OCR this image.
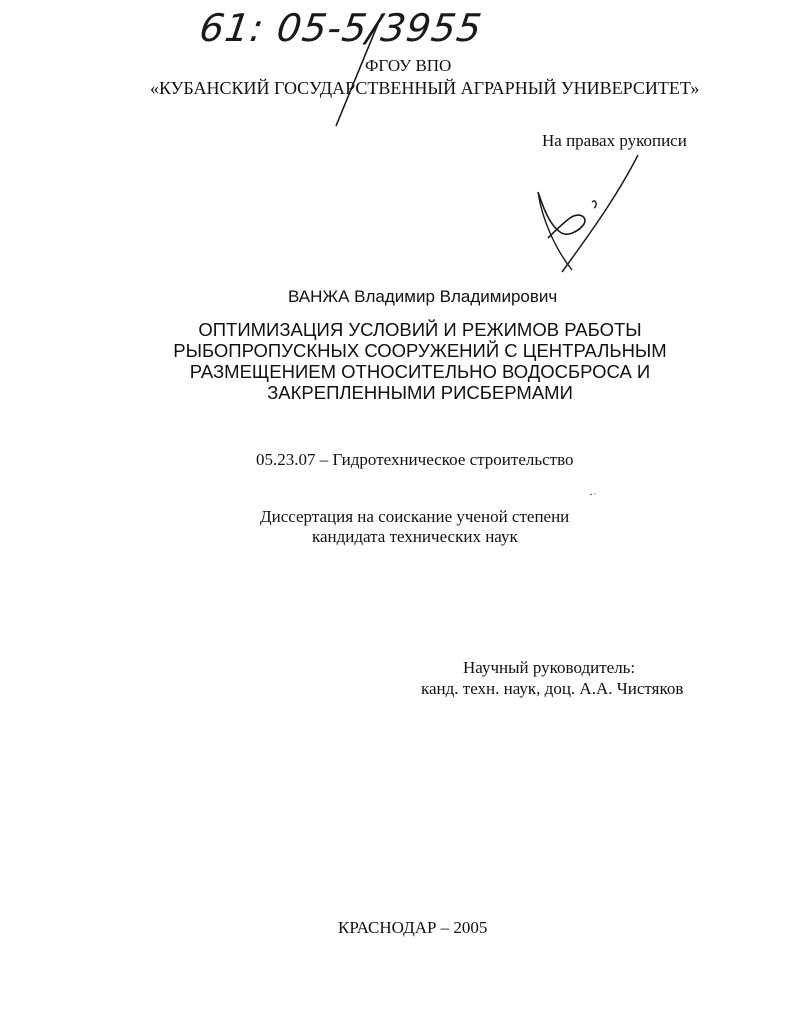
61: 05-5/3955
ФГОУ ВПО
«КУБАНСКИЙ ГОСУДАРСТВЕННЫЙ АГРАРНЫЙ УНИВЕРСИТЕТ»
На правах рукописи
ВАНЖА Владимир Владимирович
ОПТИМИЗАЦИЯ УСЛОВИЙ И РЕЖИМОВ РАБОТЫ
РЫБОПРОПУСКНЫХ СООРУЖЕНИЙ С ЦЕНТРАЛЬНЫМ
РАЗМЕЩЕНИЕМ ОТНОСИТЕЛЬНО ВОДОСБРОСА И
ЗАКРЕПЛЕННЫМИ РИСБЕРМАМИ
05.23.07 – Гидротехническое строительство
Диссертация на соискание ученой степени
кандидата технических наук
Научный руководитель:
канд. техн. наук, доц. А.А. Чистяков
КРАСНОДАР – 2005
